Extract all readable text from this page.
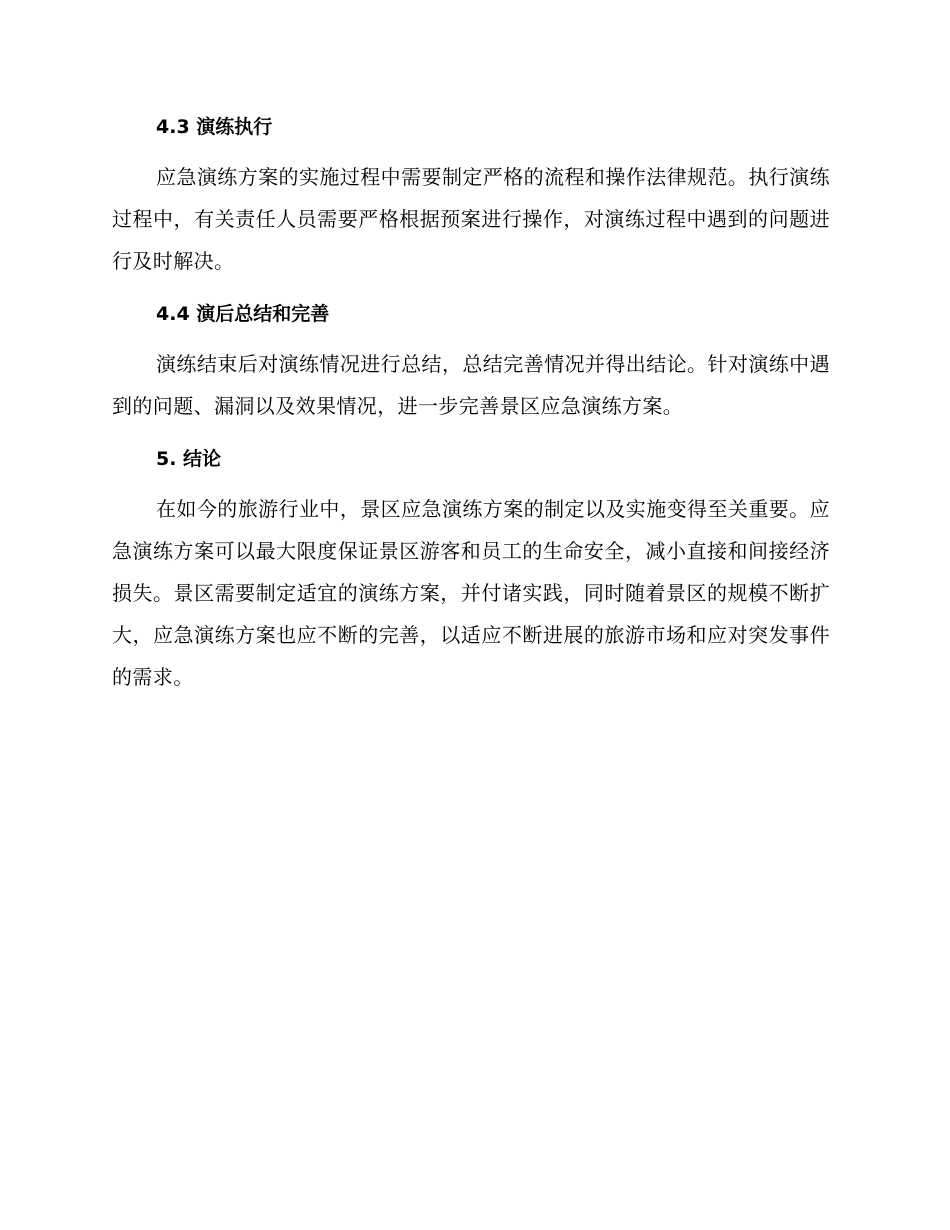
4.3 演练执行

应急演练方案的实施过程中需要制定严格的流程和操作法律规范。执行演练过程中，有关责任人员需要严格根据预案进行操作，对演练过程中遇到的问题进行及时解决。

4.4 演后总结和完善

演练结束后对演练情况进行总结，总结完善情况并得出结论。针对演练中遇到的问题、漏洞以及效果情况，进一步完善景区应急演练方案。

5. 结论

在如今的旅游行业中，景区应急演练方案的制定以及实施变得至关重要。应急演练方案可以最大限度保证景区游客和员工的生命安全，减小直接和间接经济损失。景区需要制定适宜的演练方案，并付诸实践，同时随着景区的规模不断扩大，应急演练方案也应不断的完善，以适应不断进展的旅游市场和应对突发事件的需求。
